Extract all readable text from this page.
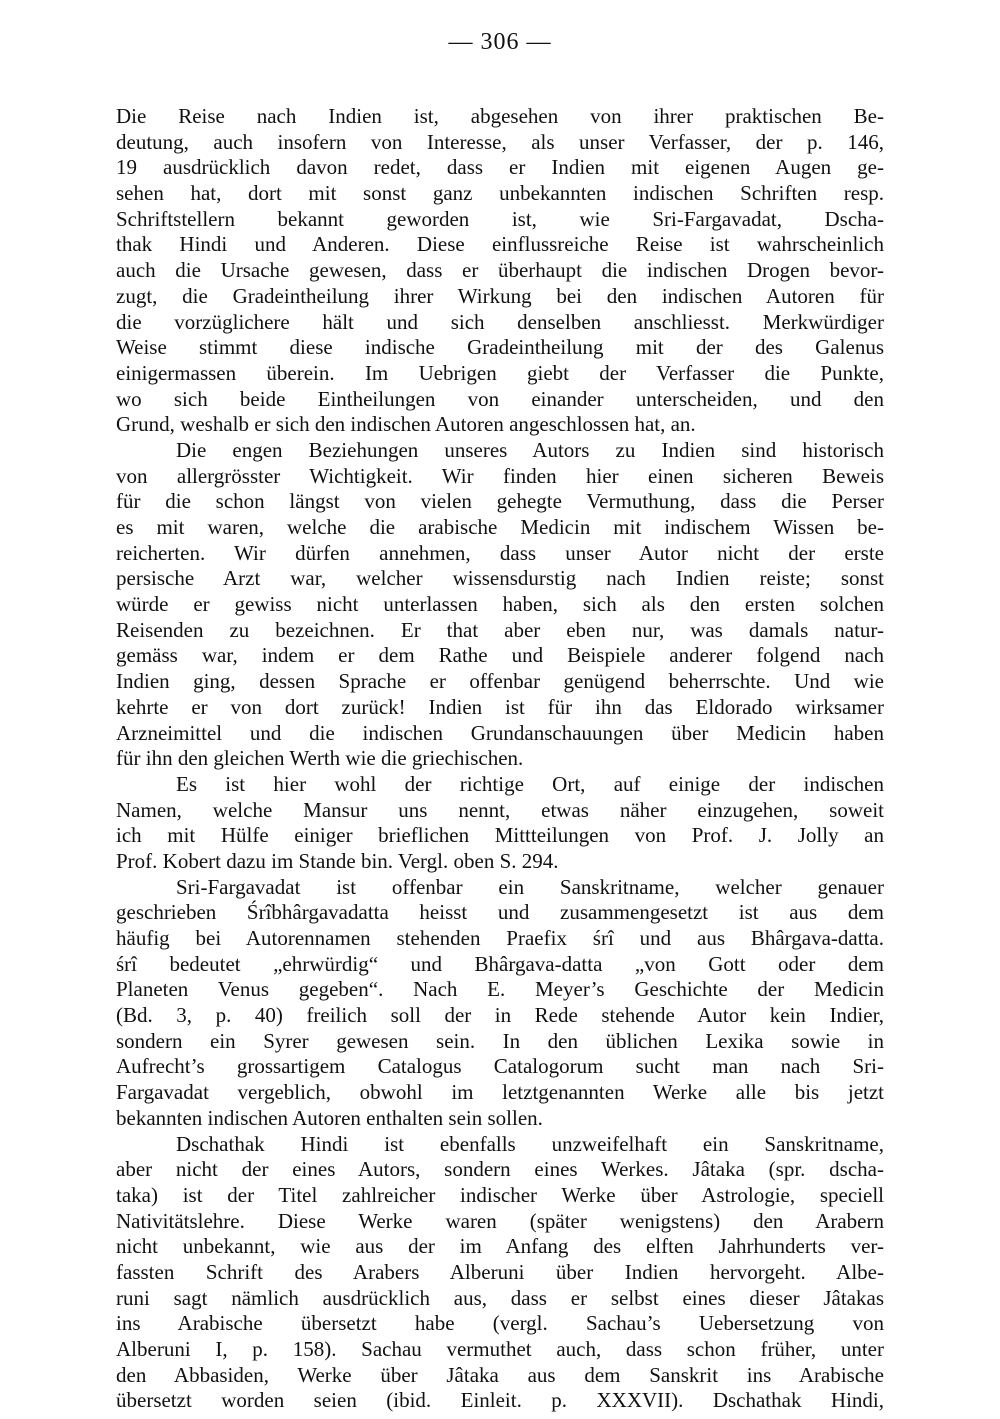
— 306 —
Die Reise nach Indien ist, abgesehen von ihrer praktischen Be-
deutung, auch insofern von Interesse, als unser Verfasser, der p. 146,
19 ausdrücklich davon redet, dass er Indien mit eigenen Augen ge-
sehen hat, dort mit sonst ganz unbekannten indischen Schriften resp.
Schriftstellern bekannt geworden ist, wie Sri-Fargavadat, Dscha-
thak Hindi und Anderen. Diese einflussreiche Reise ist wahrscheinlich
auch die Ursache gewesen, dass er überhaupt die indischen Drogen bevor-
zugt, die Gradeintheilung ihrer Wirkung bei den indischen Autoren für
die vorzüglichere hält und sich denselben anschliesst. Merkwürdiger
Weise stimmt diese indische Gradeintheilung mit der des Galenus
einigermassen überein. Im Uebrigen giebt der Verfasser die Punkte,
wo sich beide Eintheilungen von einander unterscheiden, und den
Grund, weshalb er sich den indischen Autoren angeschlossen hat, an.
Die engen Beziehungen unseres Autors zu Indien sind historisch
von allergrösster Wichtigkeit. Wir finden hier einen sicheren Beweis
für die schon längst von vielen gehegte Vermuthung, dass die Perser
es mit waren, welche die arabische Medicin mit indischem Wissen be-
reicherten. Wir dürfen annehmen, dass unser Autor nicht der erste
persische Arzt war, welcher wissensdurstig nach Indien reiste; sonst
würde er gewiss nicht unterlassen haben, sich als den ersten solchen
Reisenden zu bezeichnen. Er that aber eben nur, was damals natur-
gemäss war, indem er dem Rathe und Beispiele anderer folgend nach
Indien ging, dessen Sprache er offenbar genügend beherrschte. Und wie
kehrte er von dort zurück! Indien ist für ihn das Eldorado wirksamer
Arzneimittel und die indischen Grundanschauungen über Medicin haben
für ihn den gleichen Werth wie die griechischen.
Es ist hier wohl der richtige Ort, auf einige der indischen
Namen, welche Mansur uns nennt, etwas näher einzugehen, soweit
ich mit Hülfe einiger brieflichen Mittteilungen von Prof. J. Jolly an
Prof. Kobert dazu im Stande bin. Vergl. oben S. 294.
Sri-Fargavadat ist offenbar ein Sanskritname, welcher genauer
geschrieben Śrîbhârgavadatta heisst und zusammengesetzt ist aus dem
häufig bei Autorennamen stehenden Praefix śrî und aus Bhârgava-datta.
śrî bedeutet „ehrwürdig“ und Bhârgava-datta „von Gott oder dem
Planeten Venus gegeben“. Nach E. Meyer’s Geschichte der Medicin
(Bd. 3, p. 40) freilich soll der in Rede stehende Autor kein Indier,
sondern ein Syrer gewesen sein. In den üblichen Lexika sowie in
Aufrecht’s grossartigem Catalogus Catalogorum sucht man nach Sri-
Fargavadat vergeblich, obwohl im letztgenannten Werke alle bis jetzt
bekannten indischen Autoren enthalten sein sollen.
Dschathak Hindi ist ebenfalls unzweifelhaft ein Sanskritname,
aber nicht der eines Autors, sondern eines Werkes. Jâtaka (spr. dscha-
taka) ist der Titel zahlreicher indischer Werke über Astrologie, speciell
Nativitätslehre. Diese Werke waren (später wenigstens) den Arabern
nicht unbekannt, wie aus der im Anfang des elften Jahrhunderts ver-
fassten Schrift des Arabers Alberuni über Indien hervorgeht. Albe-
runi sagt nämlich ausdrücklich aus, dass er selbst eines dieser Jâtakas
ins Arabische übersetzt habe (vergl. Sachau’s Uebersetzung von
Alberuni I, p. 158). Sachau vermuthet auch, dass schon früher, unter
den Abbasiden, Werke über Jâtaka aus dem Sanskrit ins Arabische
übersetzt worden seien (ibid. Einleit. p. XXXVII). Dschathak Hindi,
